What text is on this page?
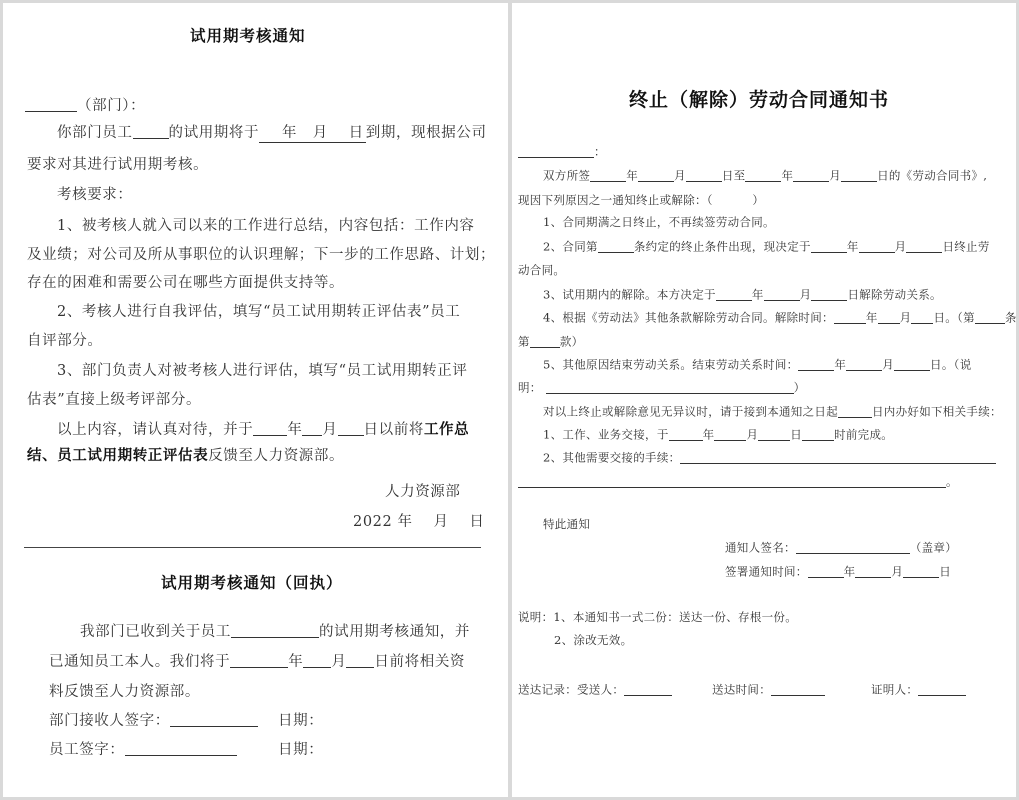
试用期考核通知
（部门）：
你部门员工 的试用期将于 年 月 日 到期，现根据公司
要求对其进行试用期考核。
考核要求：
1、被考核人就入司以来的工作进行总结，内容包括：工作内容
及业绩；对公司及所从事职位的认识理解；下一步的工作思路、计划；
存在的困难和需要公司在哪些方面提供支持等。
2、考核人进行自我评估，填写“员工试用期转正评估表”员工
自评部分。
3、部门负责人对被考核人进行评估，填写“员工试用期转正评
估表”直接上级考评部分。
以上内容，请认真对待，并于 年 月 日以前将工作总
结、员工试用期转正评估表反馈至人力资源部。
人力资源部
2022 年    月    日
试用期考核通知（回执）
我部门已收到关于员工	的试用期考核通知，并
已通知员工本人。我们将于	年 月 日前将相关资
料反馈至人力资源部。
部门接收人签字：	日期：
员工签字：	日期：
终止（解除）劳动合同通知书
：
双方所签	年	月	日至	年	月	日的《劳动合同书》,
现因下列原因之一通知终止或解除：（          ）
1、合同期满之日终止，不再续签劳动合同。
2、合同第	条约定的终止条件出现，现决定于	年	月	日终止劳
动合同。
3、试用期内的解除。本方决定于	年	月	日解除劳动关系。
4、根据《劳动法》其他条款解除劳动合同。解除时间：	年 月 日。（第	条
第	款）
5、其他原因结束劳动关系。结束劳动关系时间：	年	月	日。（说
明：	）
对以上终止或解除意见无异议时，请于接到本通知之日起	日内办好如下相关手续：
1、工作、业务交接，于	年	月	日	时前完成。
2、其他需要交接的手续：
。
特此通知
通知人签名：	（盖章）
签署通知时间：	年	月	日
说明：1、本通知书一式二份：送达一份、存根一份。
2、涂改无效。
送达记录：受送人：	送达时间：	证明人：
